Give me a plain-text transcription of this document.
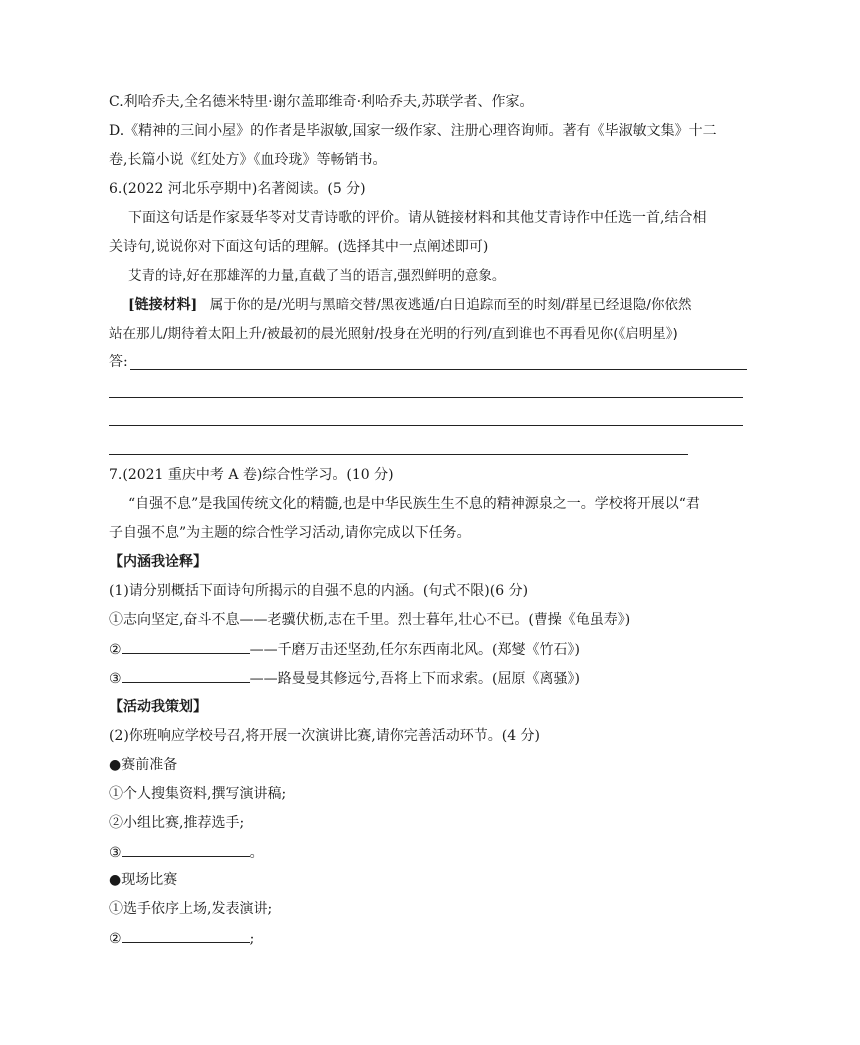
C.利哈乔夫,全名德米特里·谢尔盖耶维奇·利哈乔夫,苏联学者、作家。
D.《精神的三间小屋》的作者是毕淑敏,国家一级作家、注册心理咨询师。著有《毕淑敏文集》十二
卷,长篇小说《红处方》《血玲珑》等畅销书。
6.(2022 河北乐亭期中)名著阅读。(5 分)
下面这句话是作家聂华苓对艾青诗歌的评价。请从链接材料和其他艾青诗作中任选一首,结合相
关诗句,说说你对下面这句话的理解。(选择其中一点阐述即可)
艾青的诗,好在那雄浑的力量,直截了当的语言,强烈鲜明的意象。
[链接材料] 属于你的是/光明与黑暗交替/黑夜逃遁/白日追踪而至的时刻/群星已经退隐/你依然
站在那儿/期待着太阳上升/被最初的晨光照射/投身在光明的行列/直到谁也不再看见你(《启明星》)
答:
7.(2021 重庆中考 A 卷)综合性学习。(10 分)
“自强不息”是我国传统文化的精髓,也是中华民族生生不息的精神源泉之一。学校将开展以“君
子自强不息”为主题的综合性学习活动,请你完成以下任务。
【内涵我诠释】
(1)请分别概括下面诗句所揭示的自强不息的内涵。(句式不限)(6 分)
①志向坚定,奋斗不息——老骥伏枥,志在千里。烈士暮年,壮心不已。(曹操《龟虽寿》)
②	——千磨万击还坚劲,任尔东西南北风。(郑燮《竹石》)
③	——路曼曼其修远兮,吾将上下而求索。(屈原《离骚》)
【活动我策划】
(2)你班响应学校号召,将开展一次演讲比赛,请你完善活动环节。(4 分)
●赛前准备
①个人搜集资料,撰写演讲稿;
②小组比赛,推荐选手;
③	。
●现场比赛
①选手依序上场,发表演讲;
②	;
